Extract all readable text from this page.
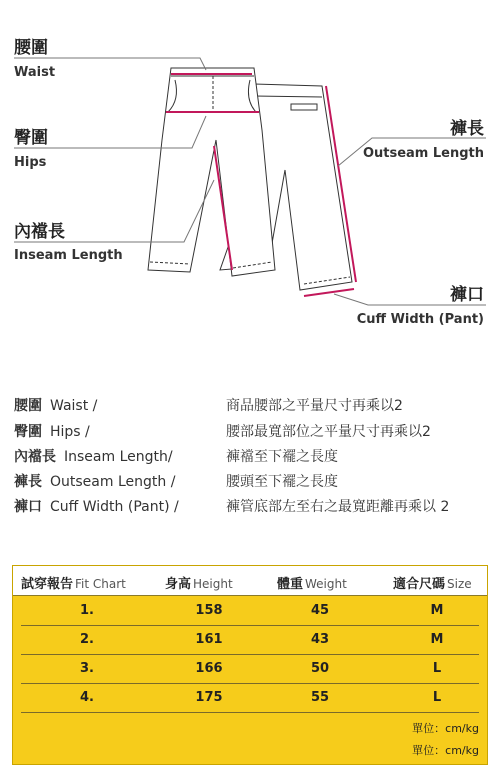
腰圍
Waist
臀圍
Hips
內襠長
Inseam Length
褲長
Outseam Length
褲口
Cuff Width (Pant)
腰圍 Waist /	商品腰部之平量尺寸再乘以2
臀圍 Hips /	腰部最寬部位之平量尺寸再乘以2
內襠長 Inseam Length/	褲襠至下襬之長度
褲長 Outseam Length /	腰頭至下襬之長度
褲口 Cuff Width (Pant) /	褲管底部左至右之最寬距離再乘以 2
試穿報告 Fit Chart	身高 Height	體重 Weight	適合尺碼 Size
1.	158	45	M
2.	161	43	M
3.	166	50	L
4.	175	55	L
單位：cm/kg
單位：cm/kg
